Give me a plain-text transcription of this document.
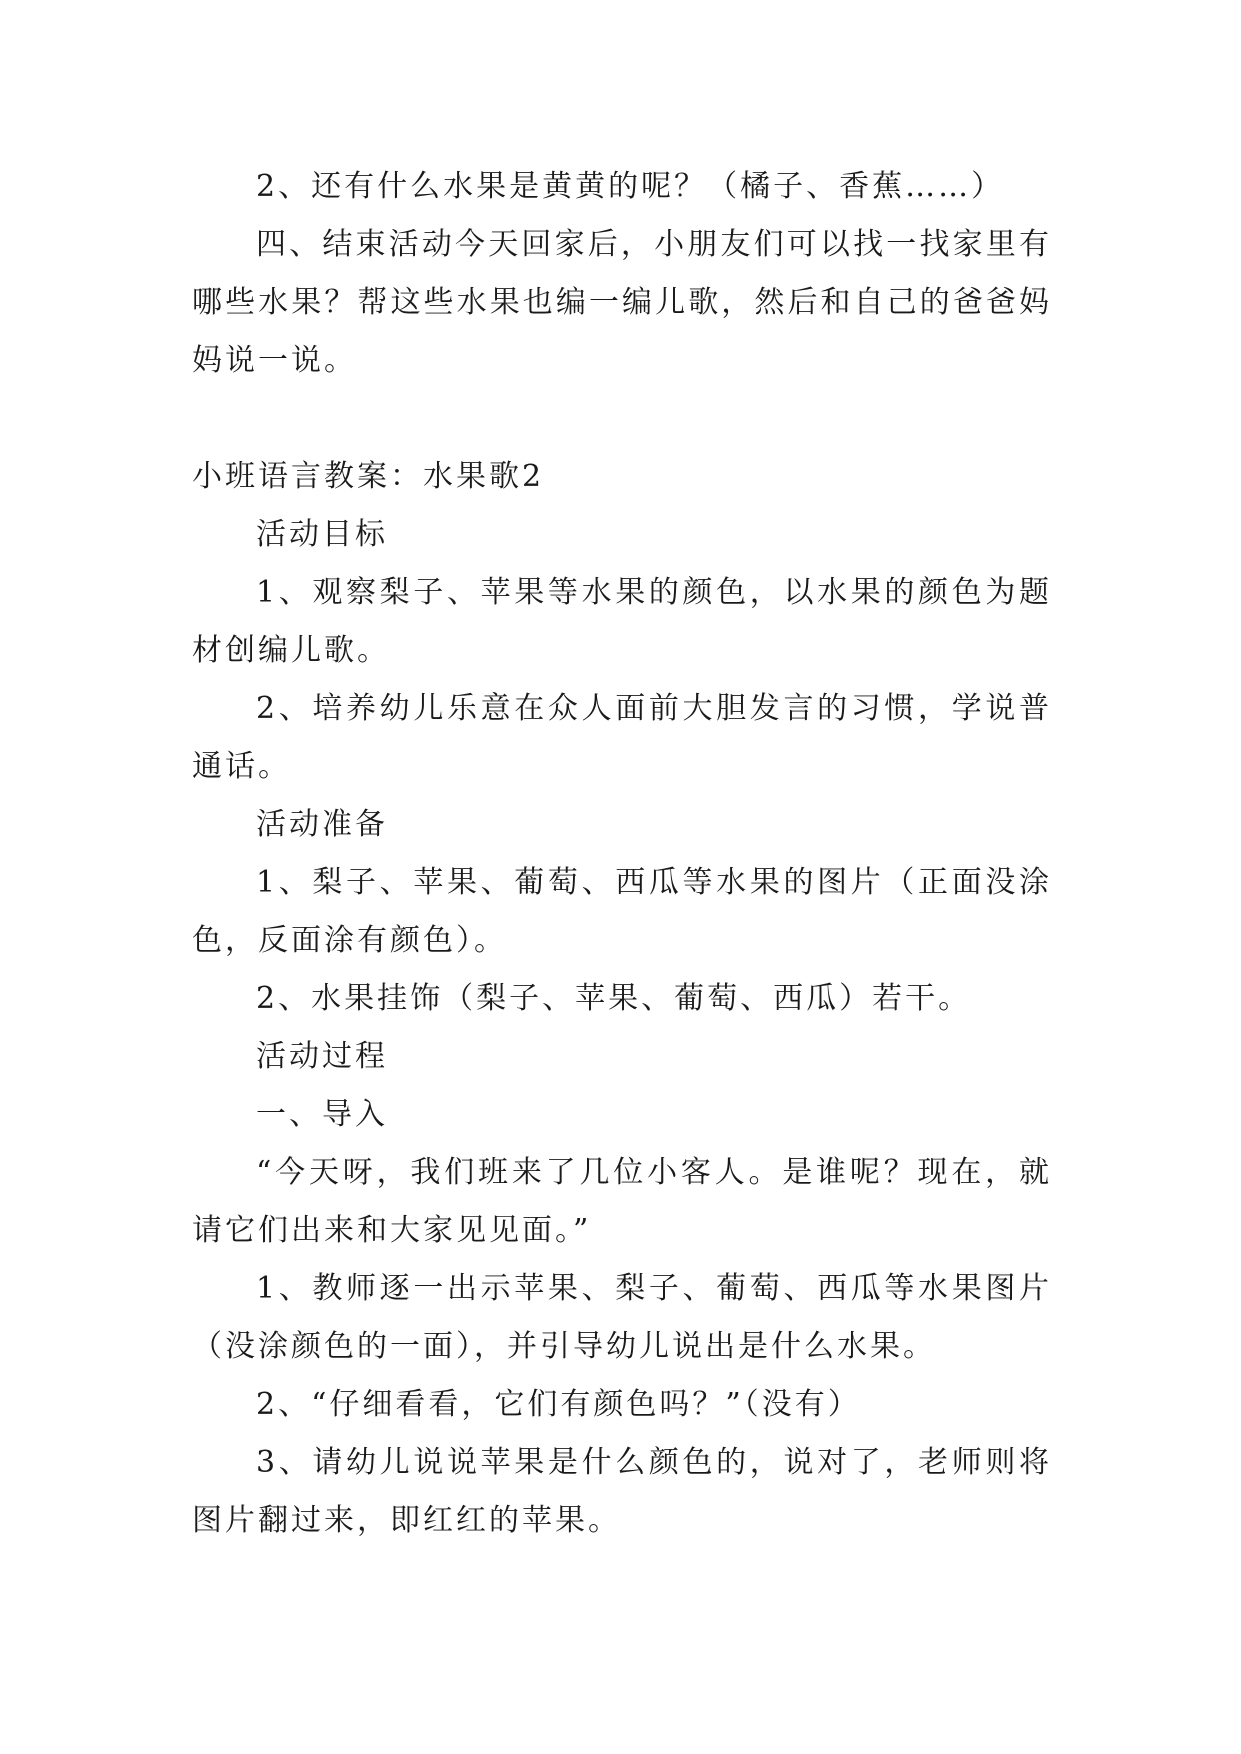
2、还有什么水果是黄黄的呢？（橘子、香蕉……）

四、结束活动今天回家后，小朋友们可以找一找家里有哪些水果？帮这些水果也编一编儿歌，然后和自己的爸爸妈妈说一说。

小班语言教案：水果歌2

活动目标

1、观察梨子、苹果等水果的颜色，以水果的颜色为题材创编儿歌。

2、培养幼儿乐意在众人面前大胆发言的习惯，学说普通话。

活动准备

1、梨子、苹果、葡萄、西瓜等水果的图片（正面没涂色，反面涂有颜色）。

2、水果挂饰（梨子、苹果、葡萄、西瓜）若干。

活动过程

一、导入

“今天呀，我们班来了几位小客人。是谁呢？现在，就请它们出来和大家见见面。”

1、教师逐一出示苹果、梨子、葡萄、西瓜等水果图片（没涂颜色的一面），并引导幼儿说出是什么水果。

2、“仔细看看，它们有颜色吗？”（没有）

3、请幼儿说说苹果是什么颜色的，说对了，老师则将图片翻过来，即红红的苹果。
